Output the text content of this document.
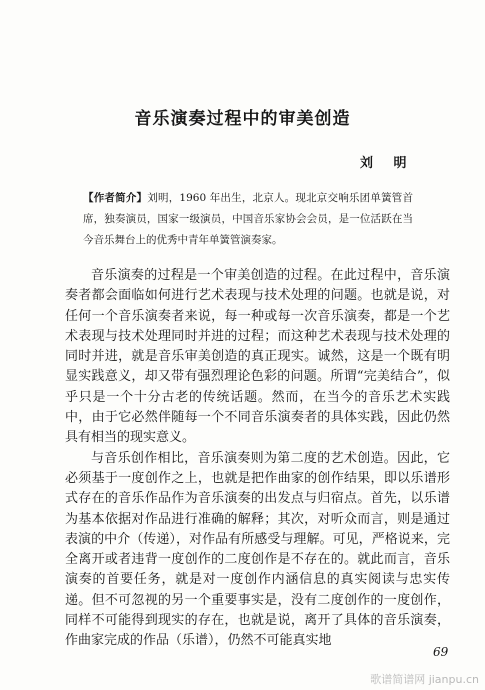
音乐演奏过程中的审美创造
刘 明
【作者简介】刘明，1960 年出生，北京人。现北京交响乐团单簧管首席，独奏演员，国家一级演员，中国音乐家协会会员，是一位活跃在当今音乐舞台上的优秀中青年单簧管演奏家。

音乐演奏的过程是一个审美创造的过程。在此过程中，音乐演奏者都会面临如何进行艺术表现与技术处理的问题。也就是说，对任何一个音乐演奏者来说，每一种或每一次音乐演奏，都是一个艺术表现与技术处理同时并进的过程；而这种艺术表现与技术处理的同时并进，就是音乐审美创造的真正现实。诚然，这是一个既有明显实践意义，却又带有强烈理论色彩的问题。所谓“完美结合”，似乎只是一个十分古老的传统话题。然而，在当今的音乐艺术实践中，由于它必然伴随每一个不同音乐演奏者的具体实践，因此仍然具有相当的现实意义。

与音乐创作相比，音乐演奏则为第二度的艺术创造。因此，它必须基于一度创作之上，也就是把作曲家的创作结果，即以乐谱形式存在的音乐作品作为音乐演奏的出发点与归宿点。首先，以乐谱为基本依据对作品进行准确的解释；其次，对听众而言，则是通过表演的中介（传递），对作品有所感受与理解。可见，严格说来，完全离开或者违背一度创作的二度创作是不存在的。就此而言，音乐演奏的首要任务，就是对一度创作内涵信息的真实阅读与忠实传递。但不可忽视的另一个重要事实是，没有二度创作的一度创作，同样不可能得到现实的存在，也就是说，离开了具体的音乐演奏，作曲家完成的作品（乐谱），仍然不可能真实地

69
歌谱简谱网 jianpu.cn
